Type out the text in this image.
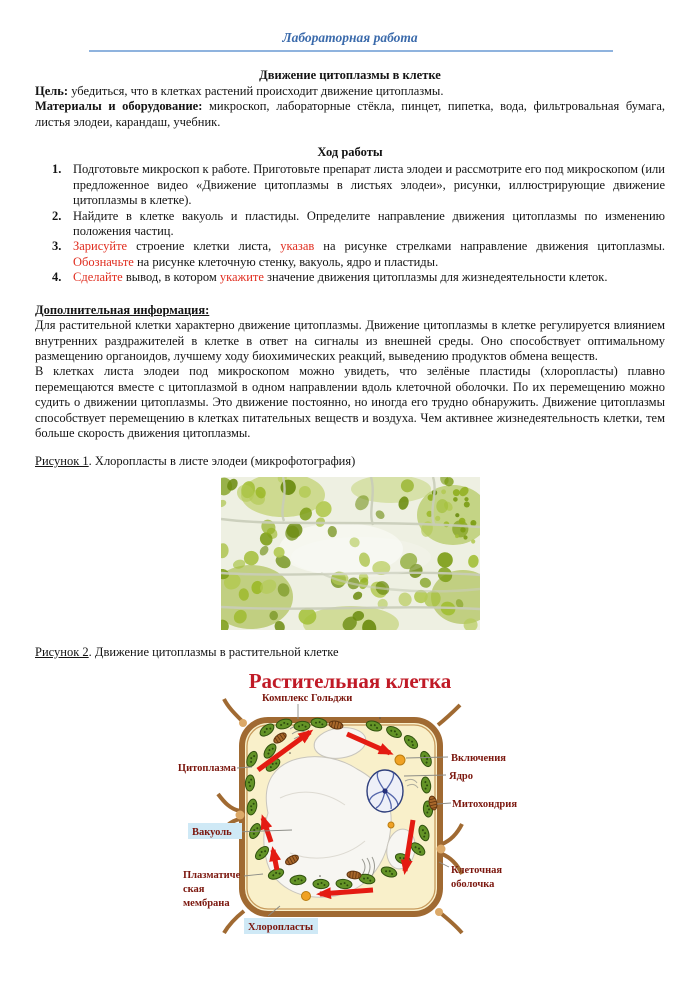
Лабораторная работа
Движение цитоплазмы в клетке

Цель: убедиться, что в клетках растений происходит движение цитоплазмы.

Материалы и оборудование: микроскоп, лабораторные стёкла, пинцет, пипетка, вода, фильтровальная бумага, листья элодеи, карандаш, учебник.

Ход работы
1. Подготовьте микроскоп к работе. Приготовьте препарат листа элодеи и рассмотрите его под микроскопом (или предложенное видео «Движение цитоплазмы в листьях элодеи», рисунки, иллюстрирующие движение цитоплазмы в клетке).
2. Найдите в клетке вакуоль и пластиды. Определите направление движения цитоплазмы по изменению положения частиц.
3. Зарисуйте строение клетки листа, указав на рисунке стрелками направление движения цитоплазмы. Обозначьте на рисунке клеточную стенку, вакуоль, ядро и пластиды.
4. Сделайте вывод, в котором укажите значение движения цитоплазмы для жизнедеятельности клеток.
Дополнительная информация:

Для растительной клетки характерно движение цитоплазмы. Движение цитоплазмы в клетке регулируется влиянием внутренних раздражителей в клетке в ответ на сигналы из внешней среды. Оно способствует оптимальному размещению органоидов, лучшему ходу биохимических реакций, выведению продуктов обмена веществ.

В клетках листа элодеи под микроскопом можно увидеть, что зелёные пластиды (хлоропласты) плавно перемещаются вместе с цитоплазмой в одном направлении вдоль клеточной оболочки. По их перемещению можно судить о движении цитоплазмы. Это движение постоянно, но иногда его трудно обнаружить. Движение цитоплазмы способствует перемещению в клетках питательных веществ и воздуха. Чем активнее жизнедеятельность клетки, тем больше скорость движения цитоплазмы.

Рисунок 1. Хлоропласты в листе элодеи (микрофотография)
Рисунок 2. Движение цитоплазмы в растительной клетке
Растительная клетка
Комплекс Гольджи
Цитоплазма
Включения
Ядро
Митохондрия
Вакуоль
Плазматиче
ская
мембрана
Клеточная
оболочка
Хлоропласты
